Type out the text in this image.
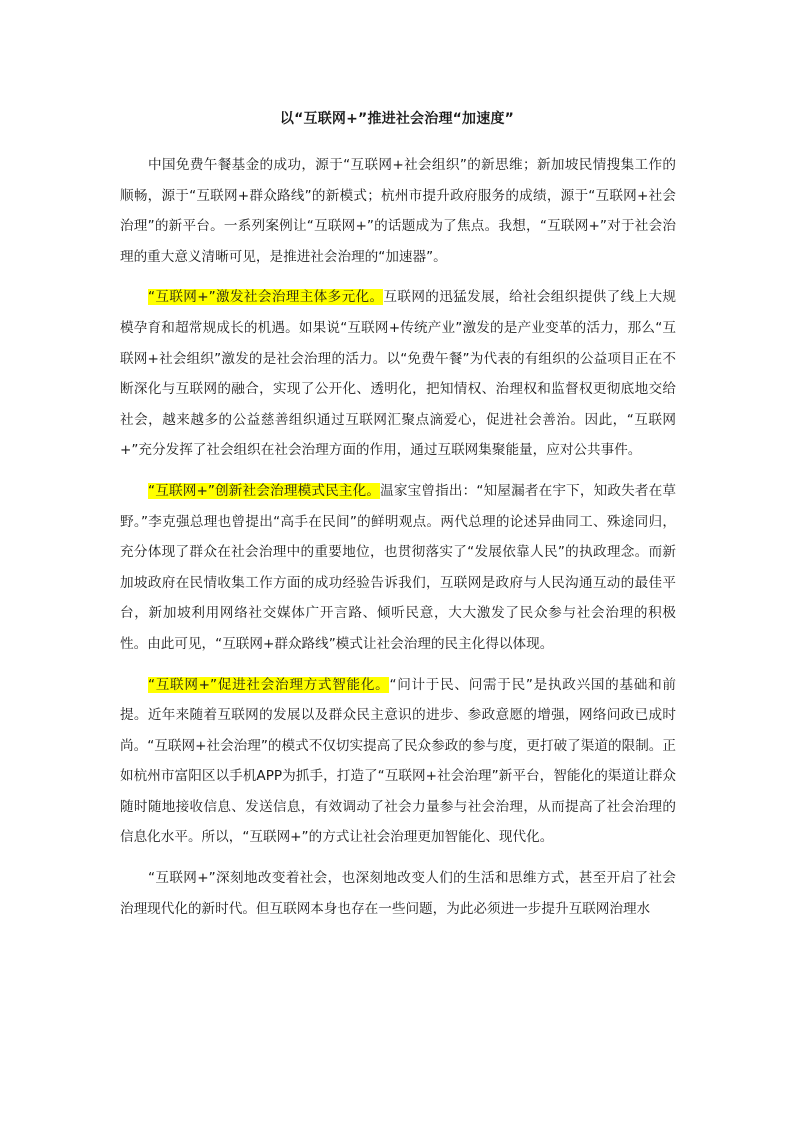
以“互联网+”推进社会治理“加速度”

中国免费午餐基金的成功，源于“互联网+社会组织”的新思维；新加坡民情搜集工作的顺畅，源于“互联网+群众路线”的新模式；杭州市提升政府服务的成绩，源于“互联网+社会治理”的新平台。一系列案例让“互联网+”的话题成为了焦点。我想，“互联网+”对于社会治理的重大意义清晰可见，是推进社会治理的“加速器”。

“互联网+”激发社会治理主体多元化。互联网的迅猛发展，给社会组织提供了线上大规模孕育和超常规成长的机遇。如果说“互联网+传统产业”激发的是产业变革的活力，那么“互联网+社会组织”激发的是社会治理的活力。以“免费午餐”为代表的有组织的公益项目正在不断深化与互联网的融合，实现了公开化、透明化，把知情权、治理权和监督权更彻底地交给社会，越来越多的公益慈善组织通过互联网汇聚点滴爱心，促进社会善治。因此，“互联网+”充分发挥了社会组织在社会治理方面的作用，通过互联网集聚能量，应对公共事件。

“互联网+”创新社会治理模式民主化。温家宝曾指出：“知屋漏者在宇下，知政失者在草野。”李克强总理也曾提出“高手在民间”的鲜明观点。两代总理的论述异曲同工、殊途同归，充分体现了群众在社会治理中的重要地位，也贯彻落实了“发展依靠人民”的执政理念。而新加坡政府在民情收集工作方面的成功经验告诉我们，互联网是政府与人民沟通互动的最佳平台，新加坡利用网络社交媒体广开言路、倾听民意，大大激发了民众参与社会治理的积极性。由此可见，“互联网+群众路线”模式让社会治理的民主化得以体现。

“互联网+”促进社会治理方式智能化。“问计于民、问需于民”是执政兴国的基础和前提。近年来随着互联网的发展以及群众民主意识的进步、参政意愿的增强，网络问政已成时尚。“互联网+社会治理”的模式不仅切实提高了民众参政的参与度，更打破了渠道的限制。正如杭州市富阳区以手机APP为抓手，打造了“互联网+社会治理”新平台，智能化的渠道让群众随时随地接收信息、发送信息，有效调动了社会力量参与社会治理，从而提高了社会治理的信息化水平。所以，“互联网+”的方式让社会治理更加智能化、现代化。

“互联网+”深刻地改变着社会，也深刻地改变人们的生活和思维方式，甚至开启了社会治理现代化的新时代。但互联网本身也存在一些问题，为此必须进一步提升互联网治理水
